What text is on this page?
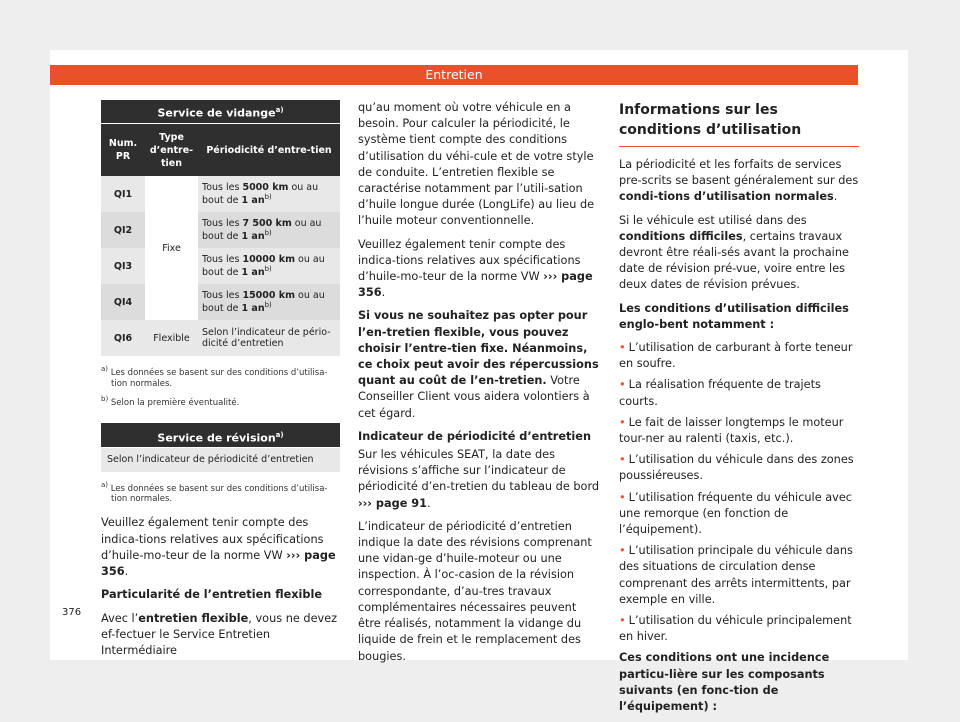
Entretien
Service de vidange$^{a)}$
Num. PR	Type d’entre-tien	Périodicité d’entre-tien
QI1	Fixe	Tous les 5000 km ou au bout de 1 $an^{b)}$
QI2		Tous les 7 500 km ou au bout de 1 $an^{b)}$
QI3		Tous les 10000 km ou au bout de 1 $an^{b)}$
QI4		Tous les 15000 km ou au bout de 1 $an^{b)}$
QI6	Flexible	Selon l’indicateur de pério-dicité d’entretien

$^{a)}$ Les données se basent sur des conditions d’utilisa-tion normales.

$^{b)}$ Selon la première éventualité.

Service de révision$^{a)}$
Selon l’indicateur de périodicité d’entretien

$^{a)}$ Les données se basent sur des conditions d’utilisa-tion normales.

Veuillez également tenir compte des indica-tions relatives aux spécifications d’huile-mo-teur de la norme VW ››› page 356.

Particularité de l’entretien flexible

Avec l’entretien flexible, vous ne devez ef-fectuer le Service Entretien Intermédiaire

qu’au moment où votre véhicule en a besoin. Pour calculer la périodicité, le système tient compte des conditions d’utilisation du véhi-cule et de votre style de conduite. L’entretien flexible se caractérise notamment par l’utili-sation d’huile longue durée (LongLife) au lieu de l’huile moteur conventionnelle.

Veuillez également tenir compte des indica-tions relatives aux spécifications d’huile-mo-teur de la norme VW ››› page 356.

Si vous ne souhaitez pas opter pour l’en-tretien flexible, vous pouvez choisir l’entre-tien fixe. Néanmoins, ce choix peut avoir des répercussions quant au coût de l’en-tretien. Votre Conseiller Client vous aidera volontiers à cet égard.

Indicateur de périodicité d’entretien

Sur les véhicules SEAT, la date des révisions s’affiche sur l’indicateur de périodicité d’en-tretien du tableau de bord ››› page 91.

L’indicateur de périodicité d’entretien indique la date des révisions comprenant une vidan-ge d’huile-moteur ou une inspection. À l’oc-casion de la révision correspondante, d’au-tres travaux complémentaires nécessaires peuvent être réalisés, notamment la vidange du liquide de frein et le remplacement des bougies.

Informations sur les conditions d’utilisation

La périodicité et les forfaits de services pre-scrits se basent généralement sur des condi-tions d’utilisation normales.

Si le véhicule est utilisé dans des conditions difficiles, certains travaux devront être réali-sés avant la prochaine date de révision pré-vue, voire entre les deux dates de révision prévues.

Les conditions d’utilisation difficiles englo-bent notamment :

• L’utilisation de carburant à forte teneur en soufre.

• La réalisation fréquente de trajets courts.

• Le fait de laisser longtemps le moteur tour-ner au ralenti (taxis, etc.).

• L’utilisation du véhicule dans des zones poussiéreuses.

• L’utilisation fréquente du véhicule avec une remorque (en fonction de l’équipement).

• L’utilisation principale du véhicule dans des situations de circulation dense comprenant des arrêts intermittents, par exemple en ville.

• L’utilisation du véhicule principalement en hiver.

Ces conditions ont une incidence particu-lière sur les composants suivants (en fonc-tion de l’équipement) :

376
